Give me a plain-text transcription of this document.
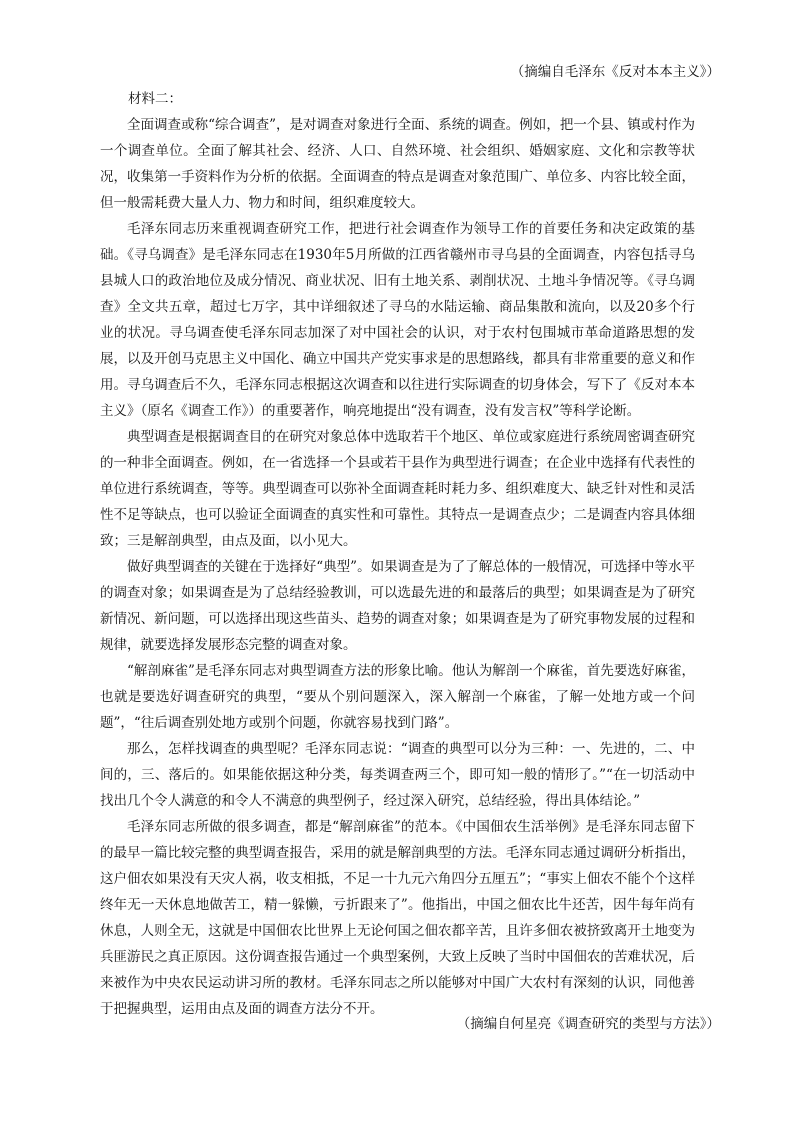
（摘编自毛泽东《反对本本主义》）
材料二：

全面调查或称“综合调查”，是对调查对象进行全面、系统的调查。例如，把一个县、镇或村作为一个调查单位。全面了解其社会、经济、人口、自然环境、社会组织、婚姻家庭、文化和宗教等状况，收集第一手资料作为分析的依据。全面调查的特点是调查对象范围广、单位多、内容比较全面，但一般需耗费大量人力、物力和时间，组织难度较大。

毛泽东同志历来重视调查研究工作，把进行社会调查作为领导工作的首要任务和决定政策的基础。《寻乌调查》是毛泽东同志在1930年5月所做的江西省赣州市寻乌县的全面调查，内容包括寻乌县城人口的政治地位及成分情况、商业状况、旧有土地关系、剥削状况、土地斗争情况等。《寻乌调查》全文共五章，超过七万字，其中详细叙述了寻乌的水陆运输、商品集散和流向，以及20多个行业的状况。寻乌调查使毛泽东同志加深了对中国社会的认识，对于农村包围城市革命道路思想的发展，以及开创马克思主义中国化、确立中国共产党实事求是的思想路线，都具有非常重要的意义和作用。寻乌调查后不久，毛泽东同志根据这次调查和以往进行实际调查的切身体会，写下了《反对本本主义》（原名《调查工作》）的重要著作，响亮地提出“没有调查，没有发言权”等科学论断。

典型调查是根据调查目的在研究对象总体中选取若干个地区、单位或家庭进行系统周密调查研究的一种非全面调查。例如，在一省选择一个县或若干县作为典型进行调查；在企业中选择有代表性的单位进行系统调查，等等。典型调查可以弥补全面调查耗时耗力多、组织难度大、缺乏针对性和灵活性不足等缺点，也可以验证全面调查的真实性和可靠性。其特点一是调查点少；二是调查内容具体细致；三是解剖典型，由点及面，以小见大。

做好典型调查的关键在于选择好“典型”。如果调查是为了了解总体的一般情况，可选择中等水平的调查对象；如果调查是为了总结经验教训，可以选最先进的和最落后的典型；如果调查是为了研究新情况、新问题，可以选择出现这些苗头、趋势的调查对象；如果调查是为了研究事物发展的过程和规律，就要选择发展形态完整的调查对象。

“解剖麻雀”是毛泽东同志对典型调查方法的形象比喻。他认为解剖一个麻雀，首先要选好麻雀，也就是要选好调查研究的典型，“要从个别问题深入，深入解剖一个麻雀，了解一处地方或一个问题”，“往后调查别处地方或别个问题，你就容易找到门路”。

那么，怎样找调查的典型呢？毛泽东同志说：“调查的典型可以分为三种：一、先进的，二、中间的，三、落后的。如果能依据这种分类，每类调查两三个，即可知一般的情形了。”“在一切活动中找出几个令人满意的和令人不满意的典型例子，经过深入研究，总结经验，得出具体结论。”

毛泽东同志所做的很多调查，都是“解剖麻雀”的范本。《中国佃农生活举例》是毛泽东同志留下的最早一篇比较完整的典型调查报告，采用的就是解剖典型的方法。毛泽东同志通过调研分析指出，这户佃农如果没有天灾人祸，收支相抵，不足一十九元六角四分五厘五”；“事实上佃农不能个个这样终年无一天休息地做苦工，精一躲懒，亏折跟来了”。他指出，中国之佃农比牛还苦，因牛每年尚有休息，人则全无，这就是中国佃农比世界上无论何国之佃农都辛苦，且许多佃农被挤致离开土地变为兵匪游民之真正原因。这份调查报告通过一个典型案例，大致上反映了当时中国佃农的苦难状况，后来被作为中央农民运动讲习所的教材。毛泽东同志之所以能够对中国广大农村有深刻的认识，同他善于把握典型，运用由点及面的调查方法分不开。

（摘编自何星亮《调查研究的类型与方法》）
